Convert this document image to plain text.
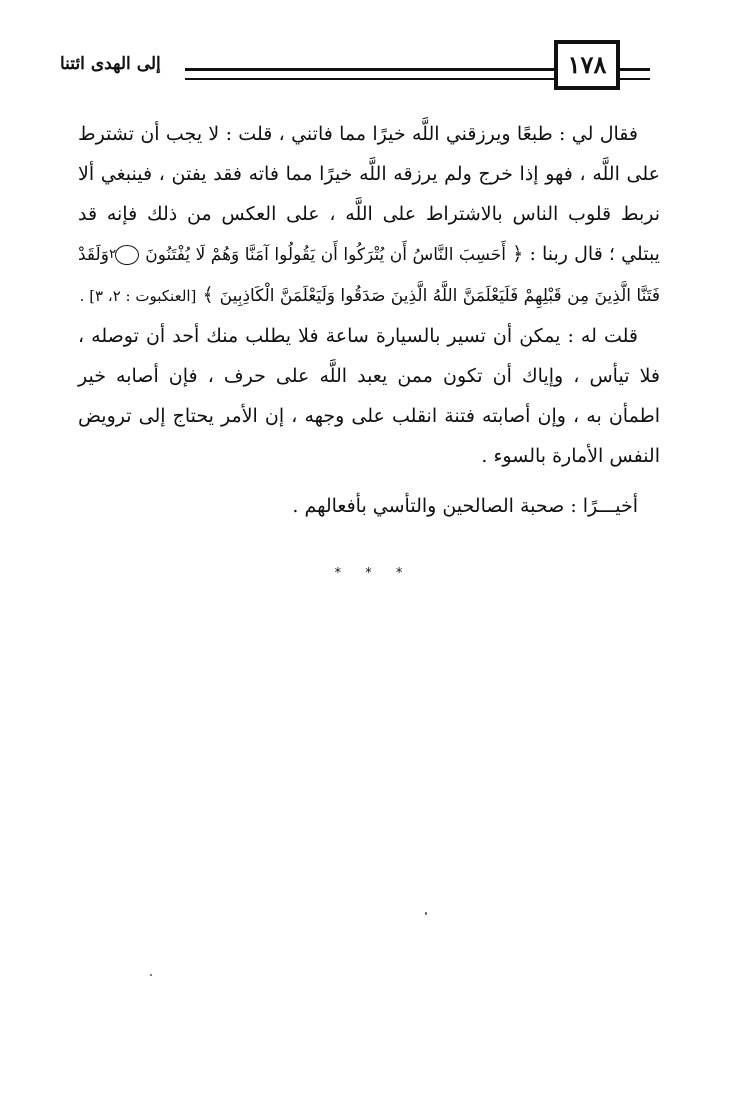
إلى الهدى ائتنا	١٧٨

فقال لي : طبعًا ويرزقني اللَّه خيرًا مما فاتني ، قلت : لا يجب أن تشترط على اللَّه ، فهو إذا خرج ولم يرزقه اللَّه خيرًا مما فاته فقد يفتن ، فينبغي ألا نربط قلوب الناس بالاشتراط على اللَّه ، على العكس من ذلك فإنه قد يبتلي ؛ قال ربنا : ﴿ أَحَسِبَ النَّاسُ أَن يُتْرَكُوا أَن يَقُولُوا آمَنَّا وَهُمْ لَا يُفْتَنُونَ ٢ وَلَقَدْ فَتَنَّا الَّذِينَ مِن قَبْلِهِمْ فَلَيَعْلَمَنَّ اللَّهُ الَّذِينَ صَدَقُوا وَلَيَعْلَمَنَّ الْكَاذِبِينَ ﴾ [العنكبوت : ٢، ٣] .

قلت له : يمكن أن تسير بالسيارة ساعة فلا يطلب منك أحد أن توصله ، فلا تيأس ، وإياك أن تكون ممن يعبد اللَّه على حرف ، فإن أصابه خير اطمأن به ، وإن أصابته فتنة انقلب على وجهه ، إن الأمر يحتاج إلى ترويض النفس الأمارة بالسوء .

أخيـــرًا : صحبة الصالحين والتأسي بأفعالهم .

* * *
